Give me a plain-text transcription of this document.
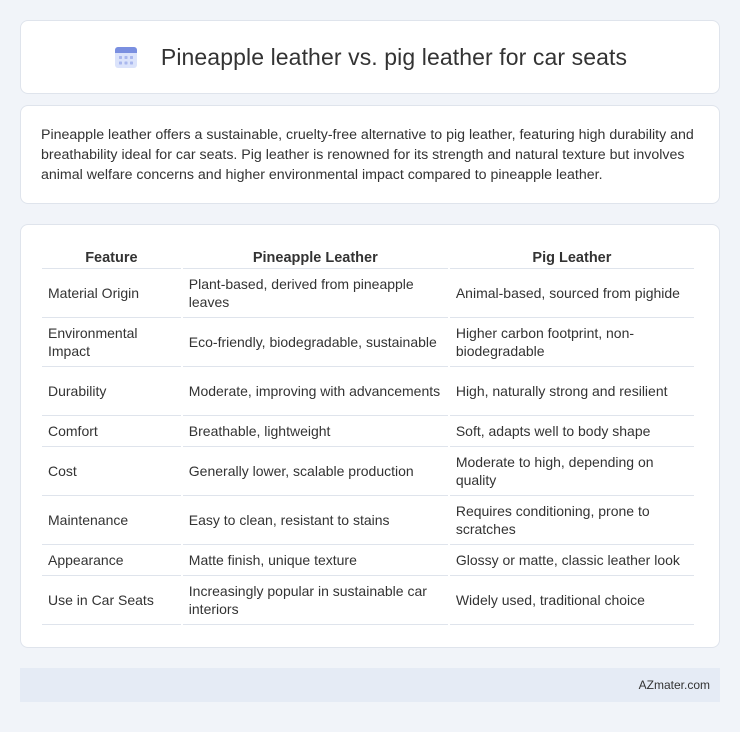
Pineapple leather vs. pig leather for car seats

Pineapple leather offers a sustainable, cruelty-free alternative to pig leather, featuring high durability and breathability ideal for car seats. Pig leather is renowned for its strength and natural texture but involves animal welfare concerns and higher environmental impact compared to pineapple leather.

Feature	Pineapple Leather	Pig Leather
Material Origin	Plant-based, derived from pineapple leaves	Animal-based, sourced from pighide
Environmental Impact	Eco-friendly, biodegradable, sustainable	Higher carbon footprint, non-biodegradable
Durability	Moderate, improving with advancements	High, naturally strong and resilient
Comfort	Breathable, lightweight	Soft, adapts well to body shape
Cost	Generally lower, scalable production	Moderate to high, depending on quality
Maintenance	Easy to clean, resistant to stains	Requires conditioning, prone to scratches
Appearance	Matte finish, unique texture	Glossy or matte, classic leather look
Use in Car Seats	Increasingly popular in sustainable car interiors	Widely used, traditional choice
AZmater.com
